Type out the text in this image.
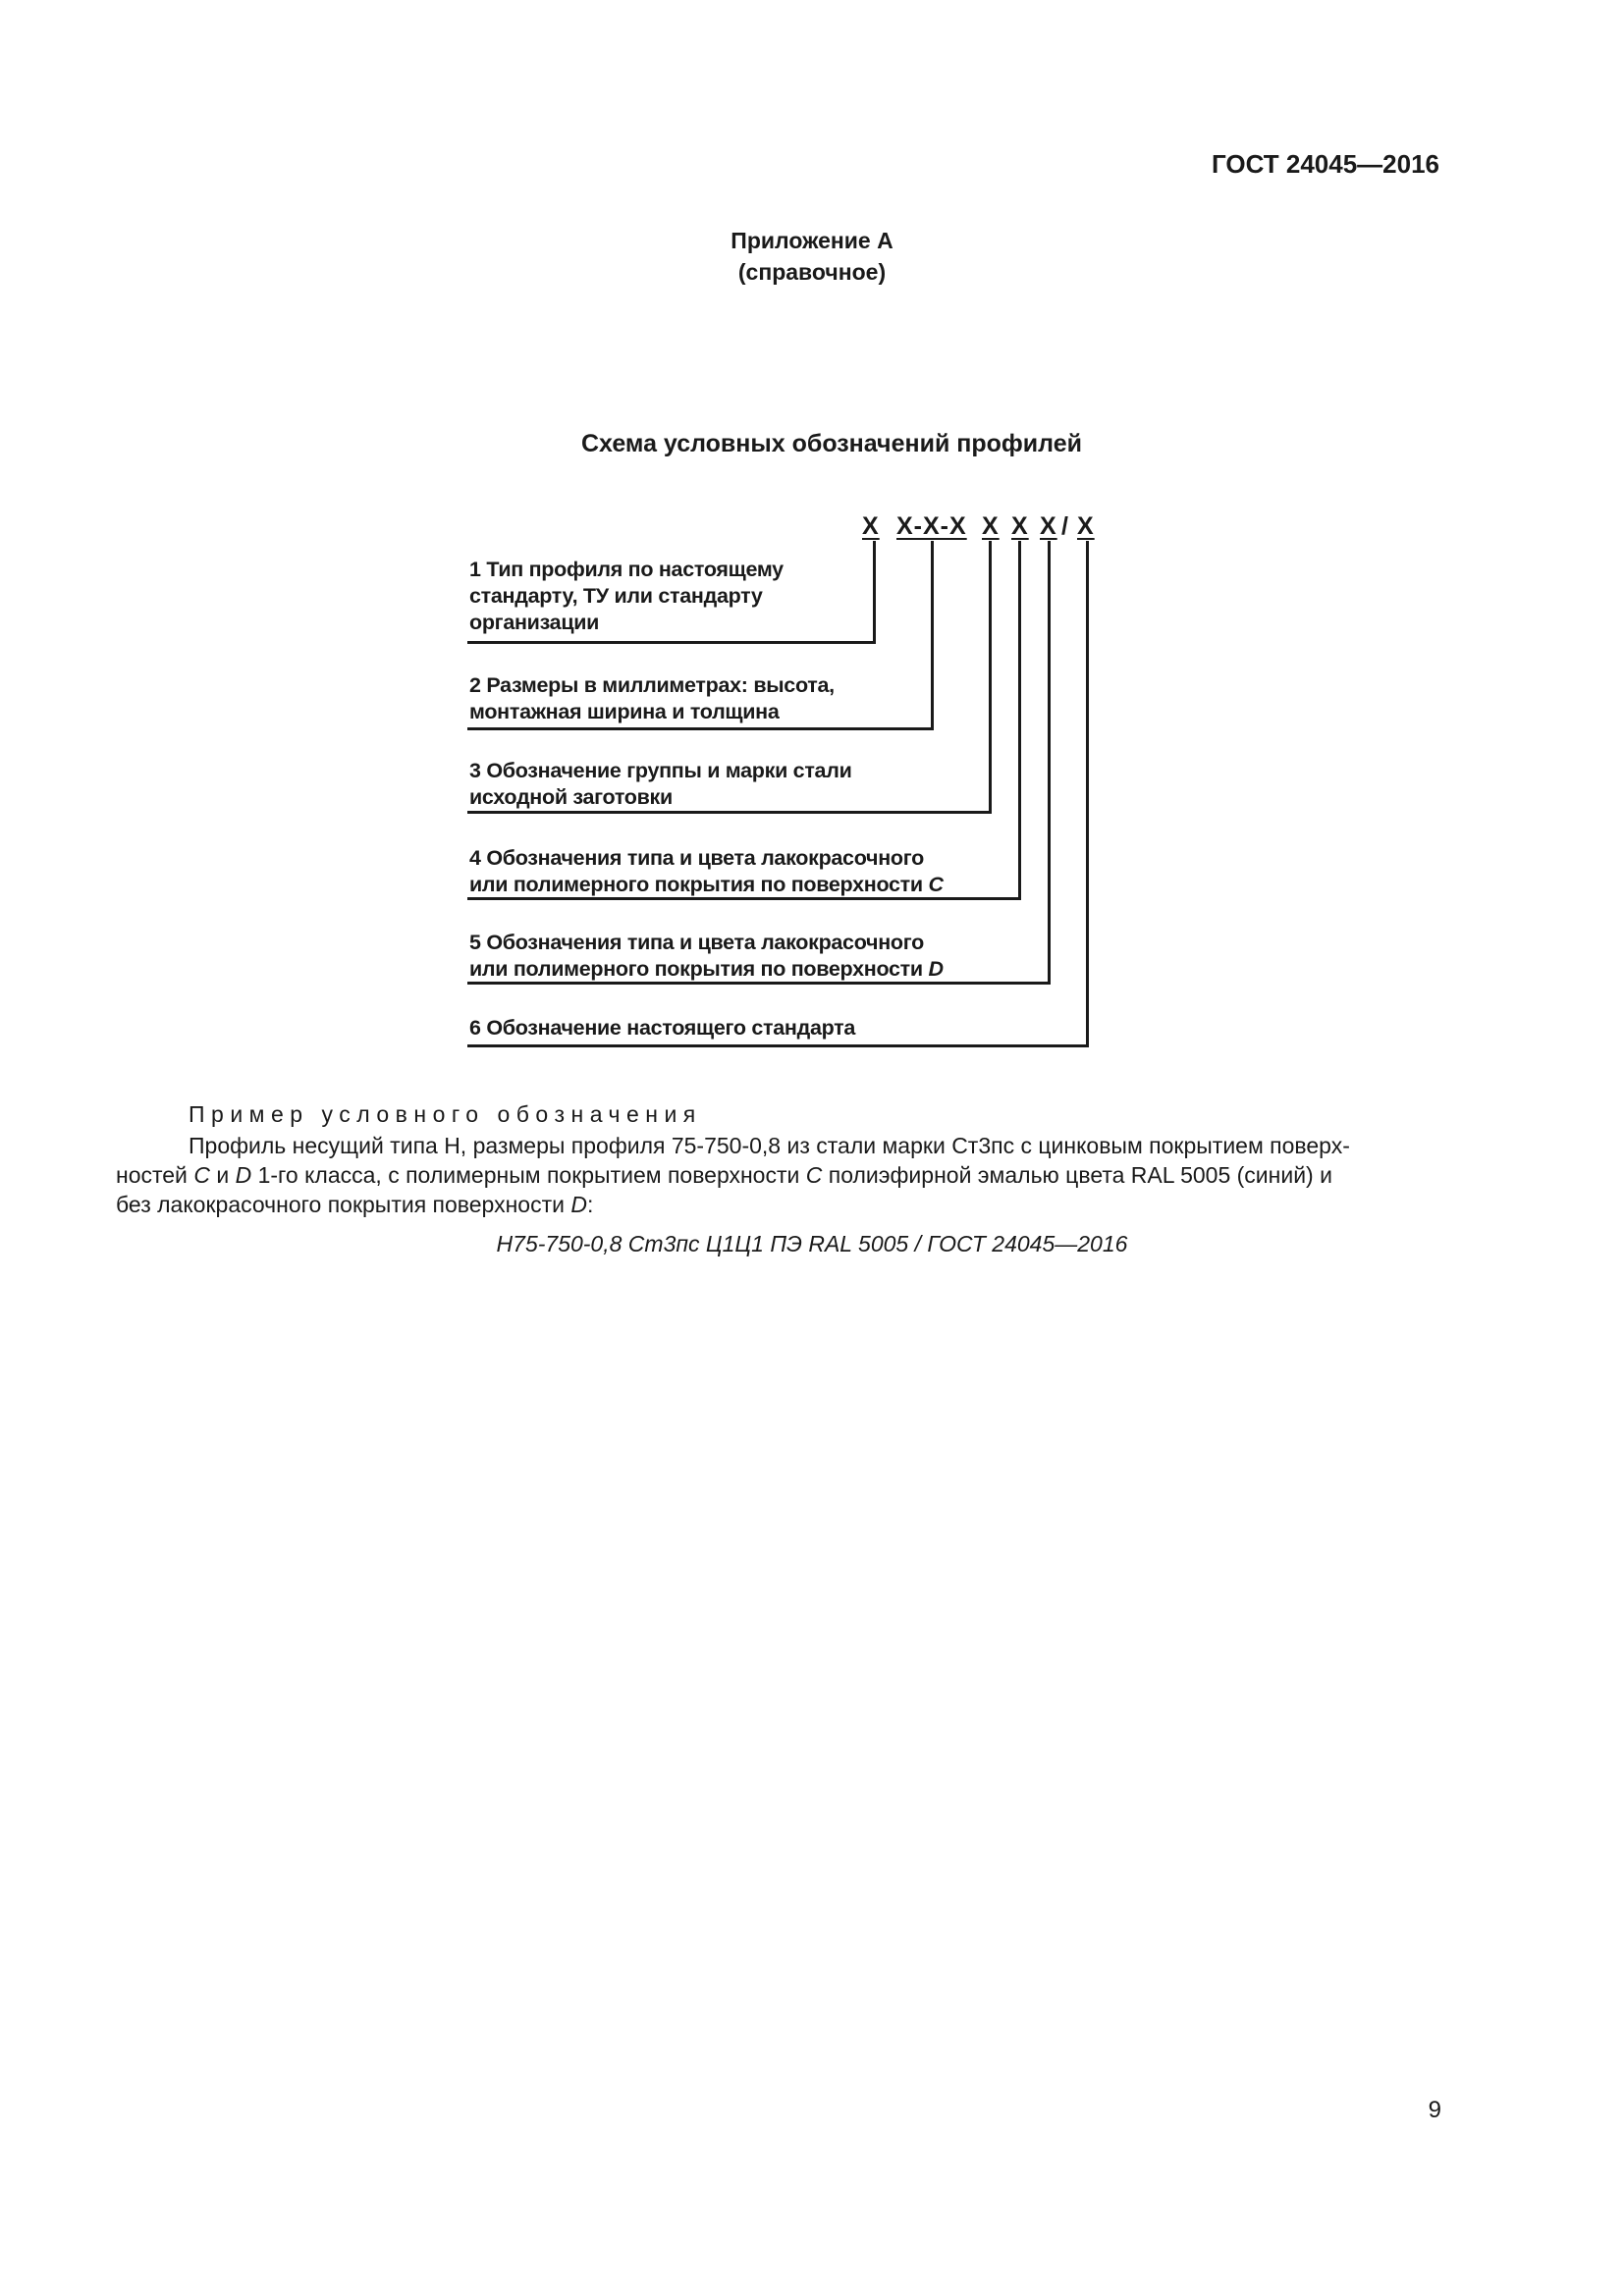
ГОСТ 24045—2016
Приложение А
(справочное)
Схема условных обозначений профилей
Х Х-Х-Х Х Х Х / Х
1 Тип профиля по настоящему
стандарту, ТУ или стандарту
организации
2 Размеры в миллиметрах: высота,
монтажная ширина и толщина
3 Обозначение группы и марки стали
исходной заготовки
4 Обозначения типа и цвета лакокрасочного
или полимерного покрытия по поверхности С
5 Обозначения типа и цвета лакокрасочного
или полимерного покрытия по поверхности D
6 Обозначение настоящего стандарта
Пример условного обозначения
Профиль несущий типа Н, размеры профиля 75-750-0,8 из стали марки Ст3пс с цинковым покрытием поверх-

ностей С и D 1-го класса, с полимерным покрытием поверхности С полиэфирной эмалью цвета RAL 5005 (синий) и
без лакокрасочного покрытия поверхности D:
Н75-750-0,8 Ст3пс Ц1Ц1 ПЭ RAL 5005 / ГОСТ 24045—2016
9
